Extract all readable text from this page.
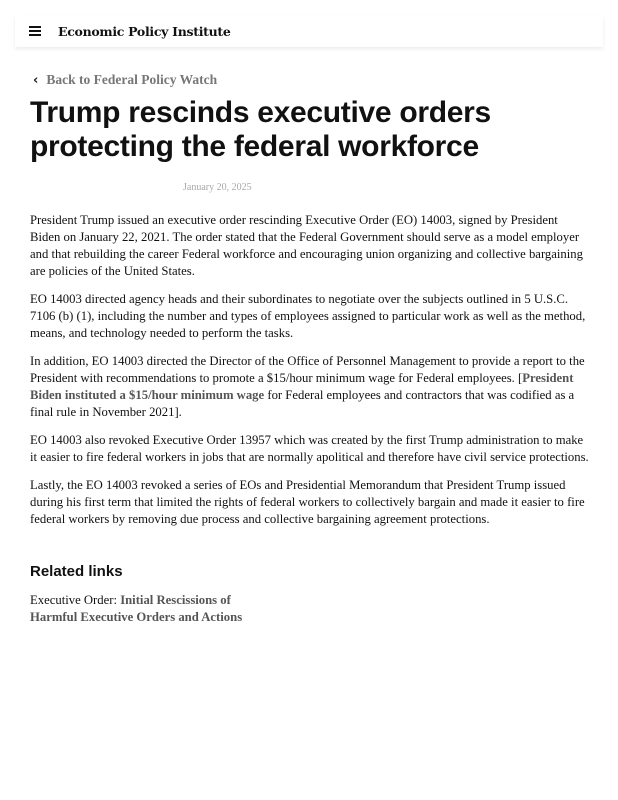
Economic Policy Institute
‹ Back to Federal Policy Watch
Trump rescinds executive orders protecting the federal workforce
January 20, 2025

President Trump issued an executive order rescinding Executive Order (EO) 14003, signed by President Biden on January 22, 2021. The order stated that the Federal Government should serve as a model employer and that rebuilding the career Federal workforce and encouraging union organizing and collective bargaining are policies of the United States.

EO 14003 directed agency heads and their subordinates to negotiate over the subjects outlined in 5 U.S.C. 7106 (b) (1), including the number and types of employees assigned to particular work as well as the method, means, and technology needed to perform the tasks.

In addition, EO 14003 directed the Director of the Office of Personnel Management to provide a report to the President with recommendations to promote a $15/hour minimum wage for Federal employees. [President Biden instituted a $15/hour minimum wage for Federal employees and contractors that was codified as a final rule in November 2021].

EO 14003 also revoked Executive Order 13957 which was created by the first Trump administration to make it easier to fire federal workers in jobs that are normally apolitical and therefore have civil service protections.

Lastly, the EO 14003 revoked a series of EOs and Presidential Memorandum that President Trump issued during his first term that limited the rights of federal workers to collectively bargain and made it easier to fire federal workers by removing due process and collective bargaining agreement protections.

Related links
Executive Order: Initial Rescissions of Harmful Executive Orders and Actions
